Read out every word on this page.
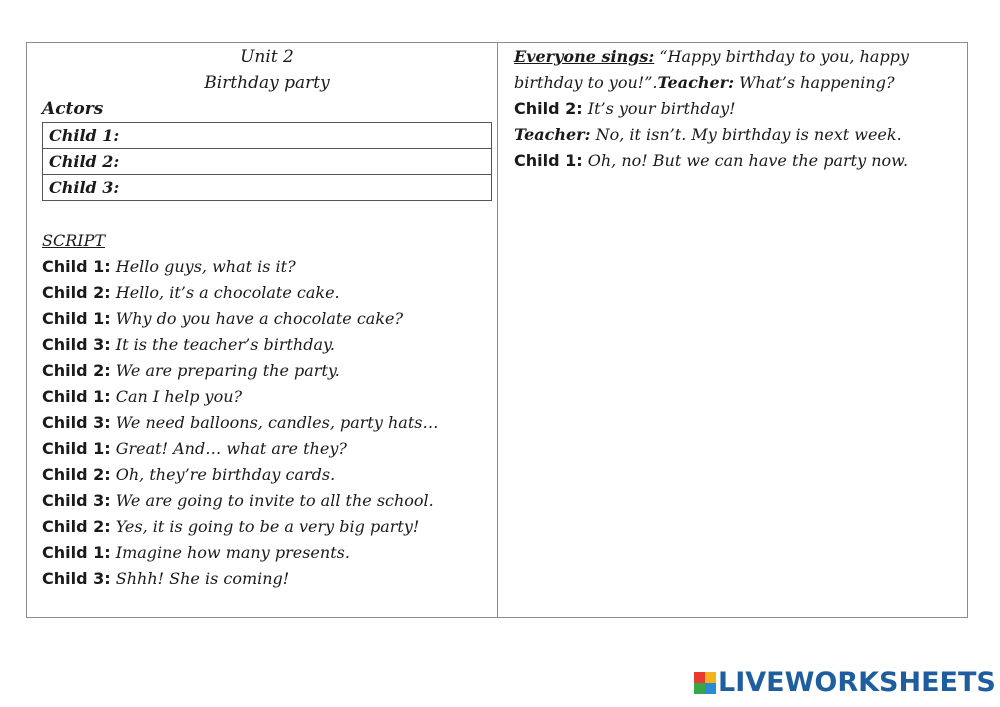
Unit 2
Birthday party
Actors
Child 1:
Child 2:
Child 3:
SCRIPT
Child 1: Hello guys, what is it?
Child 2: Hello, it’s a chocolate cake.
Child 1: Why do you have a chocolate cake?
Child 3: It is the teacher’s birthday.
Child 2: We are preparing the party.
Child 1: Can I help you?
Child 3: We need balloons, candles, party hats…
Child 1: Great! And… what are they?
Child 2: Oh, they’re birthday cards.
Child 3: We are going to invite to all the school.
Child 2: Yes, it is going to be a very big party!
Child 1: Imagine how many presents.
Child 3: Shhh! She is coming!
Everyone sings: “Happy birthday to you, happy birthday to you!”.Teacher: What’s happening?
Child 2: It’s your birthday!
Teacher: No, it isn’t. My birthday is next week.
Child 1: Oh, no! But we can have the party now.
LIVEWORKSHEETS
